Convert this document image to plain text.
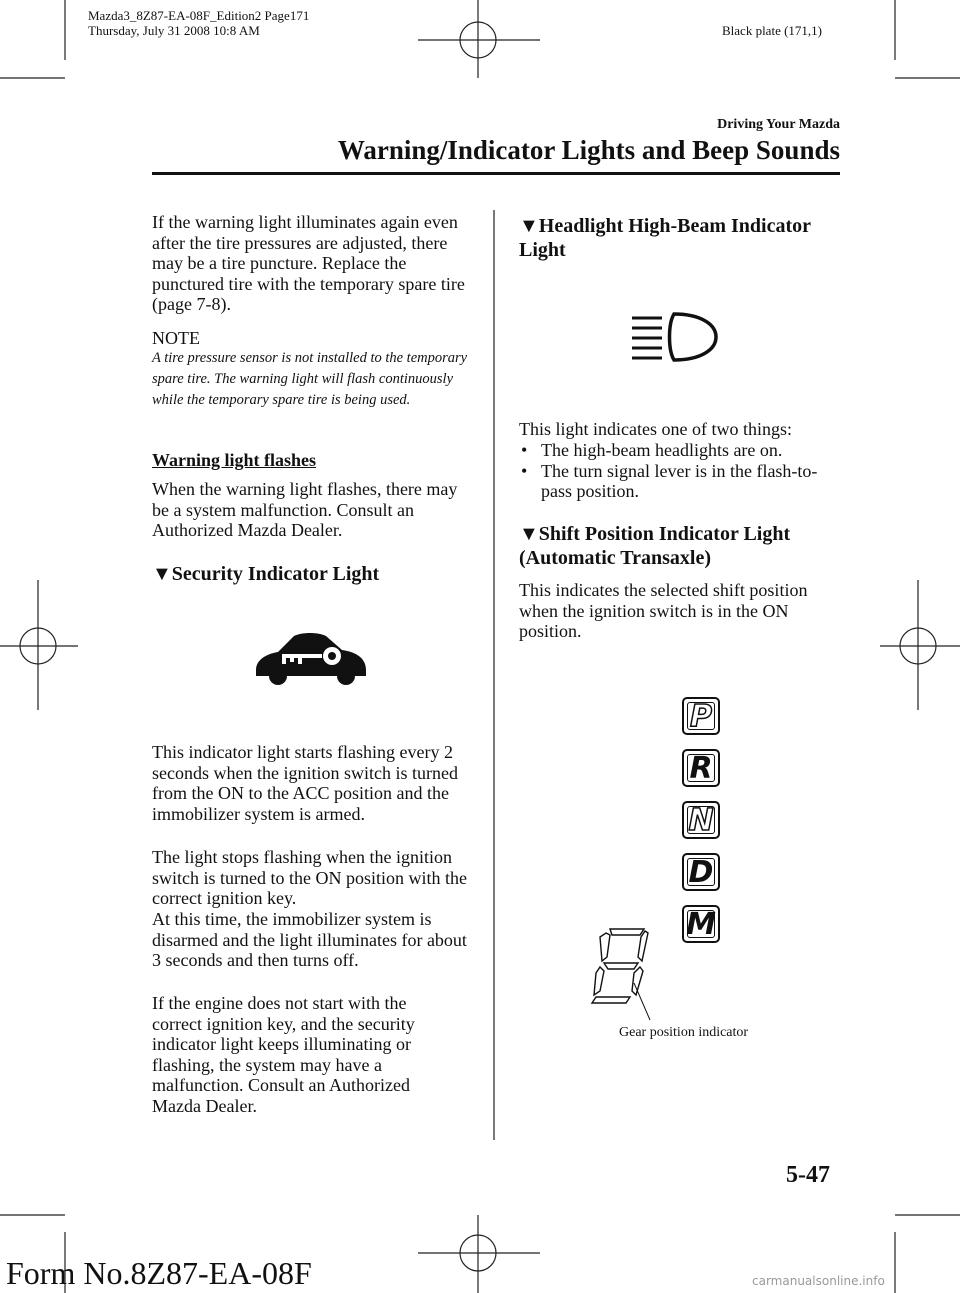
Mazda3_8Z87-EA-08F_Edition2 Page171
Thursday, July 31 2008 10:8 AM	Black plate (171,1)
Driving Your Mazda
Warning/Indicator Lights and Beep Sounds
If the warning light illuminates again even after the tire pressures are adjusted, there may be a tire puncture. Replace the punctured tire with the temporary spare tire (page 7-8).
NOTE
A tire pressure sensor is not installed to the temporary spare tire. The warning light will flash continuously while the temporary spare tire is being used.
Warning light flashes
When the warning light flashes, there may be a system malfunction. Consult an Authorized Mazda Dealer.
▼Security Indicator Light
This indicator light starts flashing every 2 seconds when the ignition switch is turned from the ON to the ACC position and the immobilizer system is armed.
The light stops flashing when the ignition switch is turned to the ON position with the correct ignition key.
At this time, the immobilizer system is disarmed and the light illuminates for about 3 seconds and then turns off.
If the engine does not start with the correct ignition key, and the security indicator light keeps illuminating or flashing, the system may have a malfunction. Consult an Authorized Mazda Dealer.
▼Headlight High-Beam Indicator Light
This light indicates one of two things:
• The high-beam headlights are on.
• The turn signal lever is in the flash-to-pass position.
▼Shift Position Indicator Light (Automatic Transaxle)
This indicates the selected shift position when the ignition switch is in the ON position.
P
R
N
D
M
Gear position indicator
5-47
Form No.8Z87-EA-08F	carmanualsonline.info
